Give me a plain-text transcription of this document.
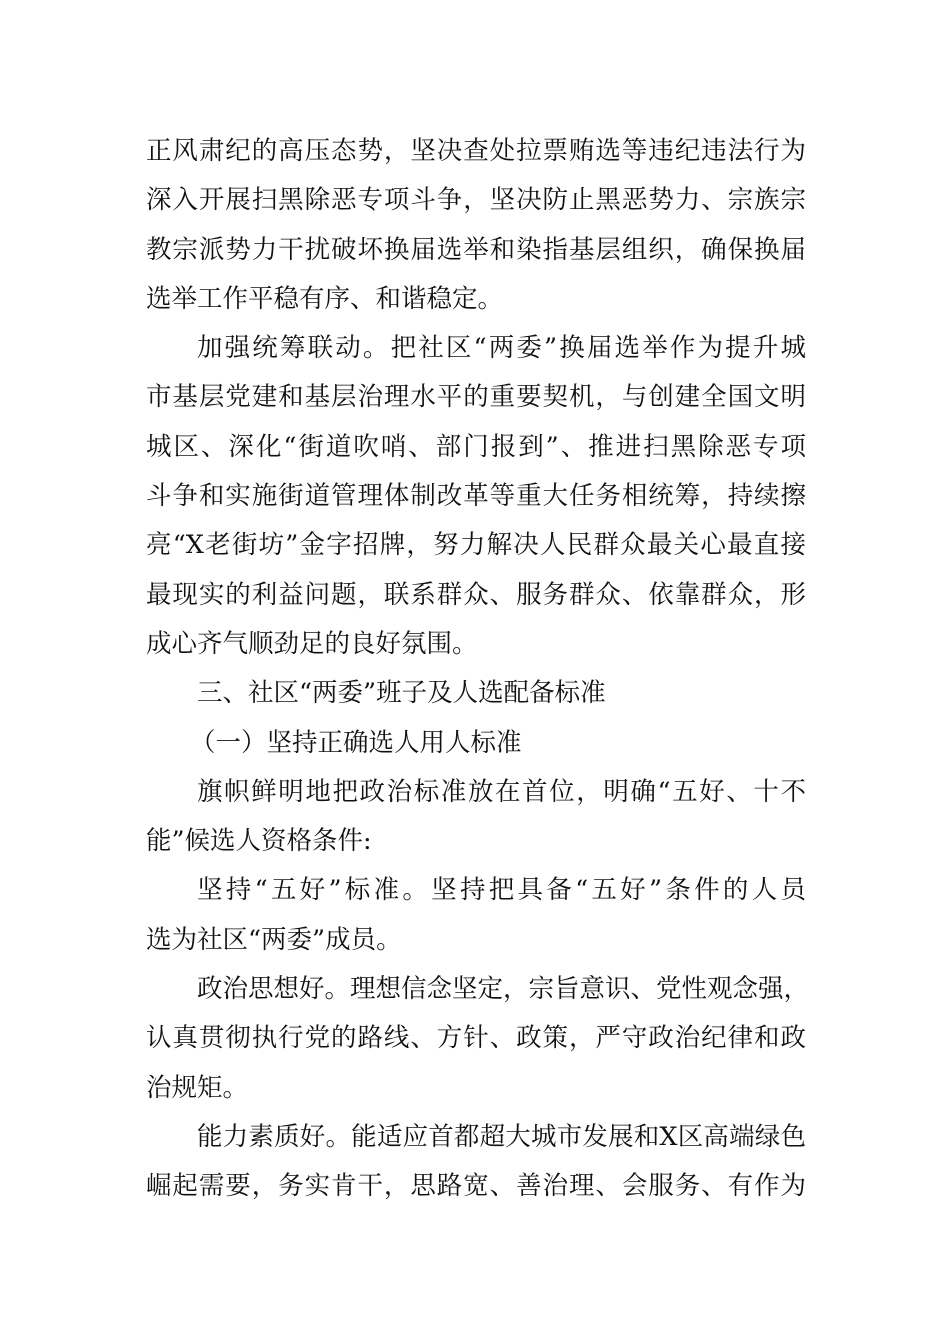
正风肃纪的高压态势，坚决查处拉票贿选等违纪违法行为
深入开展扫黑除恶专项斗争，坚决防止黑恶势力、宗族宗
教宗派势力干扰破坏换届选举和染指基层组织，确保换届
选举工作平稳有序、和谐稳定。
加强统筹联动。把社区“两委”换届选举作为提升城
市基层党建和基层治理水平的重要契机，与创建全国文明
城区、深化“街道吹哨、部门报到”、推进扫黑除恶专项
斗争和实施街道管理体制改革等重大任务相统筹，持续擦
亮“X老街坊”金字招牌，努力解决人民群众最关心最直接
最现实的利益问题，联系群众、服务群众、依靠群众，形
成心齐气顺劲足的良好氛围。
三、社区“两委”班子及人选配备标准
（一）坚持正确选人用人标准
旗帜鲜明地把政治标准放在首位，明确“五好、十不
能”候选人资格条件:
坚持“五好”标准。坚持把具备“五好”条件的人员
选为社区“两委”成员。
政治思想好。理想信念坚定，宗旨意识、党性观念强，
认真贯彻执行党的路线、方针、政策，严守政治纪律和政
治规矩。
能力素质好。能适应首都超大城市发展和X区高端绿色
崛起需要，务实肯干，思路宽、善治理、会服务、有作为
